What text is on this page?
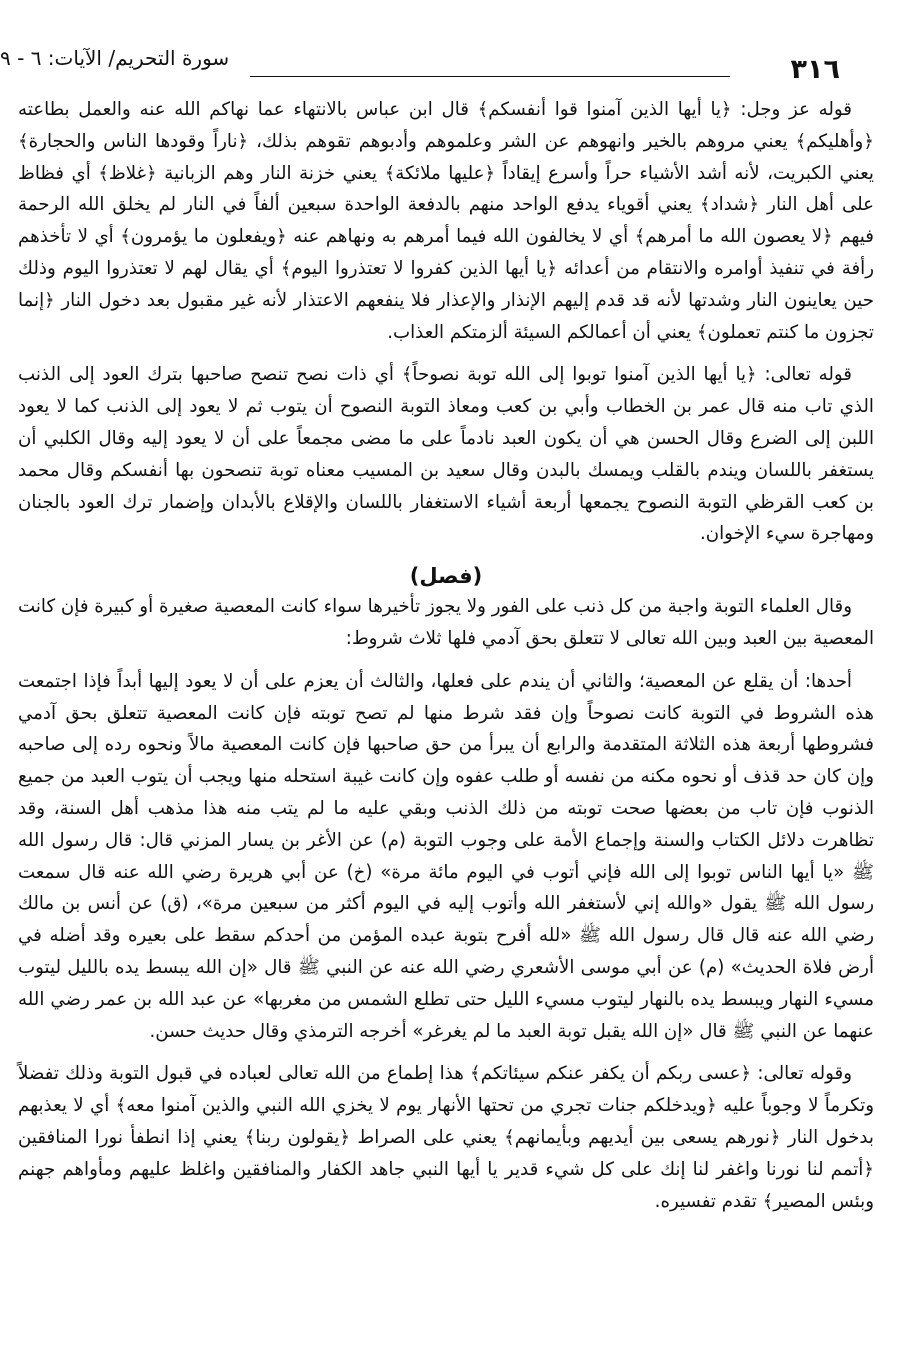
٣١٦
سورة التحريم/ الآيات: ٦ - ٩

قوله عز وجل: ﴿يا أيها الذين آمنوا قوا أنفسكم﴾ قال ابن عباس بالانتهاء عما نهاكم الله عنه والعمل بطاعته ﴿وأهليكم﴾ يعني مروهم بالخير وانهوهم عن الشر وعلموهم وأدبوهم تقوهم بذلك، ﴿ناراً وقودها الناس والحجارة﴾ يعني الكبريت، لأنه أشد الأشياء حراً وأسرع إيقاداً ﴿عليها ملائكة﴾ يعني خزنة النار وهم الزبانية ﴿غلاظ﴾ أي فظاظ على أهل النار ﴿شداد﴾ يعني أقوياء يدفع الواحد منهم بالدفعة الواحدة سبعين ألفاً في النار لم يخلق الله الرحمة فيهم ﴿لا يعصون الله ما أمرهم﴾ أي لا يخالفون الله فيما أمرهم به ونهاهم عنه ﴿ويفعلون ما يؤمرون﴾ أي لا تأخذهم رأفة في تنفيذ أوامره والانتقام من أعدائه ﴿يا أيها الذين كفروا لا تعتذروا اليوم﴾ أي يقال لهم لا تعتذروا اليوم وذلك حين يعاينون النار وشدتها لأنه قد قدم إليهم الإنذار والإعذار فلا ينفعهم الاعتذار لأنه غير مقبول بعد دخول النار ﴿إنما تجزون ما كنتم تعملون﴾ يعني أن أعمالكم السيئة ألزمتكم العذاب.

قوله تعالى: ﴿يا أيها الذين آمنوا توبوا إلى الله توبة نصوحاً﴾ أي ذات نصح تنصح صاحبها بترك العود إلى الذنب الذي تاب منه قال عمر بن الخطاب وأبي بن كعب ومعاذ التوبة النصوح أن يتوب ثم لا يعود إلى الذنب كما لا يعود اللبن إلى الضرع وقال الحسن هي أن يكون العبد نادماً على ما مضى مجمعاً على أن لا يعود إليه وقال الكلبي أن يستغفر باللسان ويندم بالقلب ويمسك بالبدن وقال سعيد بن المسيب معناه توبة تنصحون بها أنفسكم وقال محمد بن كعب القرظي التوبة النصوح يجمعها أربعة أشياء الاستغفار باللسان والإقلاع بالأبدان وإضمار ترك العود بالجنان ومهاجرة سيء الإخوان.

(فصل)

وقال العلماء التوبة واجبة من كل ذنب على الفور ولا يجوز تأخيرها سواء كانت المعصية صغيرة أو كبيرة فإن كانت المعصية بين العبد وبين الله تعالى لا تتعلق بحق آدمي فلها ثلاث شروط:

أحدها: أن يقلع عن المعصية؛ والثاني أن يندم على فعلها، والثالث أن يعزم على أن لا يعود إليها أبداً فإذا اجتمعت هذه الشروط في التوبة كانت نصوحاً وإن فقد شرط منها لم تصح توبته فإن كانت المعصية تتعلق بحق آدمي فشروطها أربعة هذه الثلاثة المتقدمة والرابع أن يبرأ من حق صاحبها فإن كانت المعصية مالاً ونحوه رده إلى صاحبه وإن كان حد قذف أو نحوه مكنه من نفسه أو طلب عفوه وإن كانت غيبة استحله منها ويجب أن يتوب العبد من جميع الذنوب فإن تاب من بعضها صحت توبته من ذلك الذنب وبقي عليه ما لم يتب منه هذا مذهب أهل السنة، وقد تظاهرت دلائل الكتاب والسنة وإجماع الأمة على وجوب التوبة (م) عن الأغر بن يسار المزني قال: قال رسول الله ﷺ «يا أيها الناس توبوا إلى الله فإني أتوب في اليوم مائة مرة» (خ) عن أبي هريرة رضي الله عنه قال سمعت رسول الله ﷺ يقول «والله إني لأستغفر الله وأتوب إليه في اليوم أكثر من سبعين مرة»، (ق) عن أنس بن مالك رضي الله عنه قال قال رسول الله ﷺ «لله أفرح بتوبة عبده المؤمن من أحدكم سقط على بعيره وقد أضله في أرض فلاة الحديث» (م) عن أبي موسى الأشعري رضي الله عنه عن النبي ﷺ قال «إن الله يبسط يده بالليل ليتوب مسيء النهار ويبسط يده بالنهار ليتوب مسيء الليل حتى تطلع الشمس من مغربها» عن عبد الله بن عمر رضي الله عنهما عن النبي ﷺ قال «إن الله يقبل توبة العبد ما لم يغرغر» أخرجه الترمذي وقال حديث حسن.

وقوله تعالى: ﴿عسى ربكم أن يكفر عنكم سيئاتكم﴾ هذا إطماع من الله تعالى لعباده في قبول التوبة وذلك تفضلاً وتكرماً لا وجوباً عليه ﴿ويدخلكم جنات تجري من تحتها الأنهار يوم لا يخزي الله النبي والذين آمنوا معه﴾ أي لا يعذبهم بدخول النار ﴿نورهم يسعى بين أيديهم وبأيمانهم﴾ يعني على الصراط ﴿يقولون ربنا﴾ يعني إذا انطفأ نورا المنافقين ﴿أتمم لنا نورنا واغفر لنا إنك على كل شيء قدير يا أيها النبي جاهد الكفار والمنافقين واغلظ عليهم ومأواهم جهنم وبئس المصير﴾ تقدم تفسيره.
